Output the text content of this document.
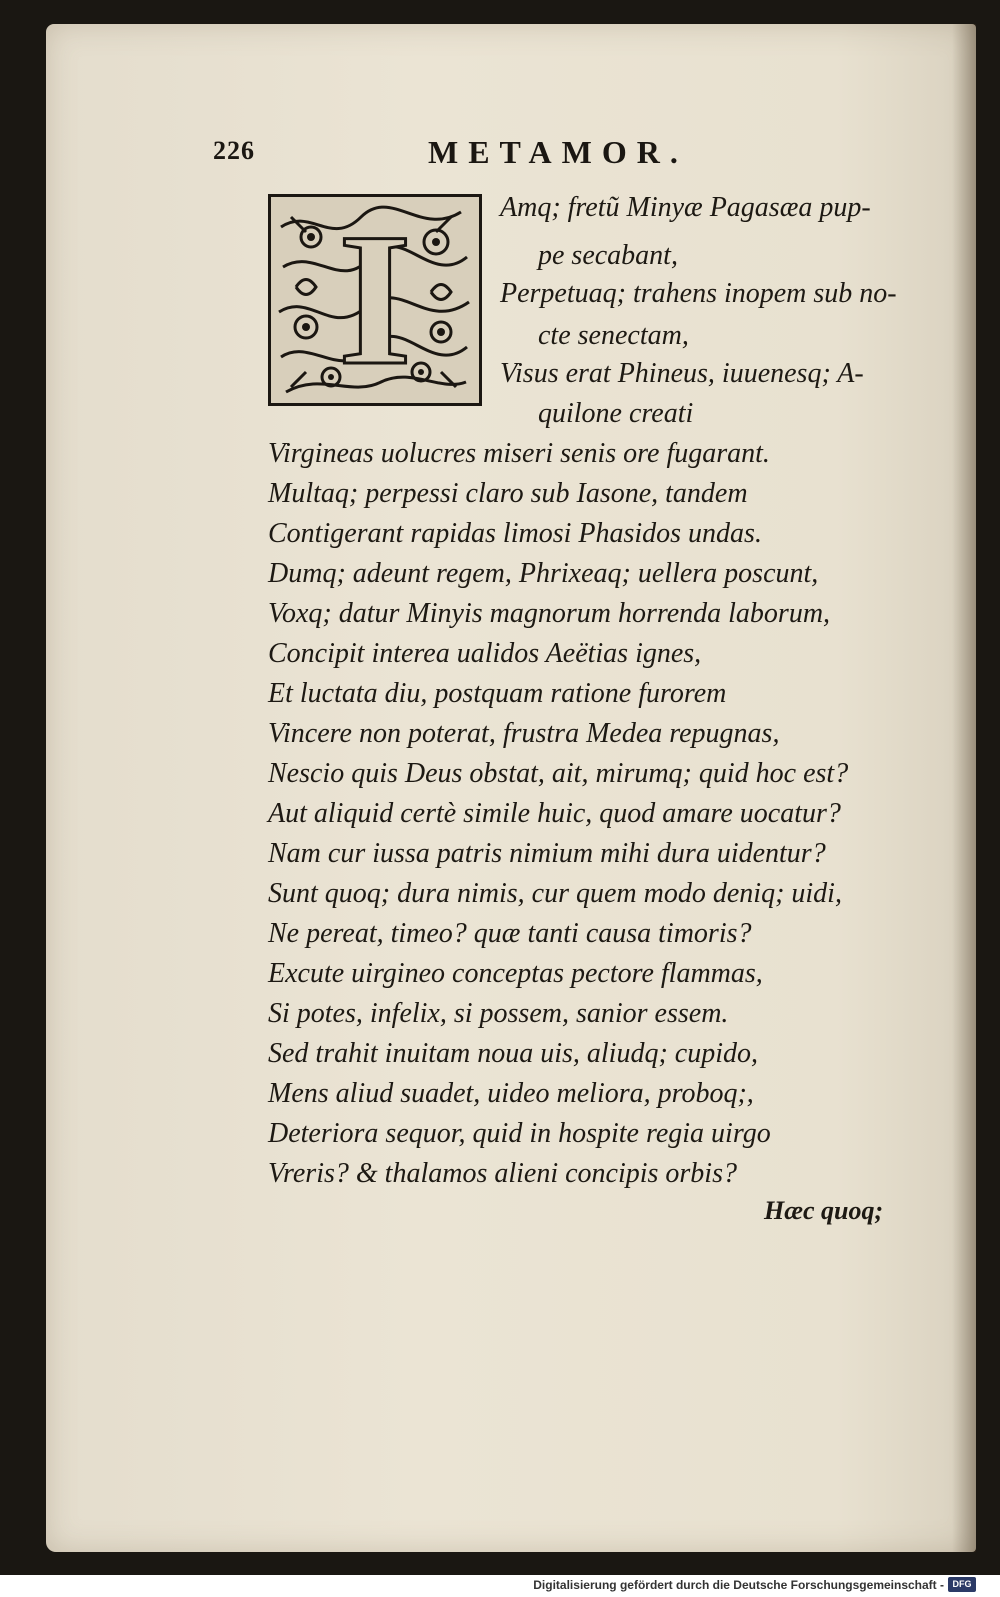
226	METAMOR.
I	Amq; fretũ Minyæ Pagasæa pup-
pe secabant,
Perpetuaq; trahens inopem sub no-
cte senectam,
Visus erat Phineus, iuuenesq; A-
quilone creati
Virgineas uolucres miseri senis ore fugarant.
Multaq; perpessi claro sub Iasone, tandem
Contigerant rapidas limosi Phasidos undas.
Dumq; adeunt regem, Phrixeaq; uellera poscunt,
Voxq; datur Minyis magnorum horrenda laborum,
Concipit interea ualidos Aeëtias ignes,
Et luctata diu, postquam ratione furorem
Vincere non poterat, frustra Medea repugnas,
Nescio quis Deus obstat, ait, mirumq; quid hoc est?
Aut aliquid certè simile huic, quod amare uocatur?
Nam cur iussa patris nimium mihi dura uidentur?
Sunt quoq; dura nimis, cur quem modo deniq; uidi,
Ne pereat, timeo? quæ tanti causa timoris?
Excute uirgineo conceptas pectore flammas,
Si potes, infelix, si possem, sanior essem.
Sed trahit inuitam noua uis, aliudq; cupido,
Mens aliud suadet, uideo meliora, proboq;,
Deteriora sequor, quid in hospite regia uirgo
Vreris? & thalamos alieni concipis orbis?
Hæc quoq;
Digitalisierung gefördert durch die Deutsche Forschungsgemeinschaft - DFG
